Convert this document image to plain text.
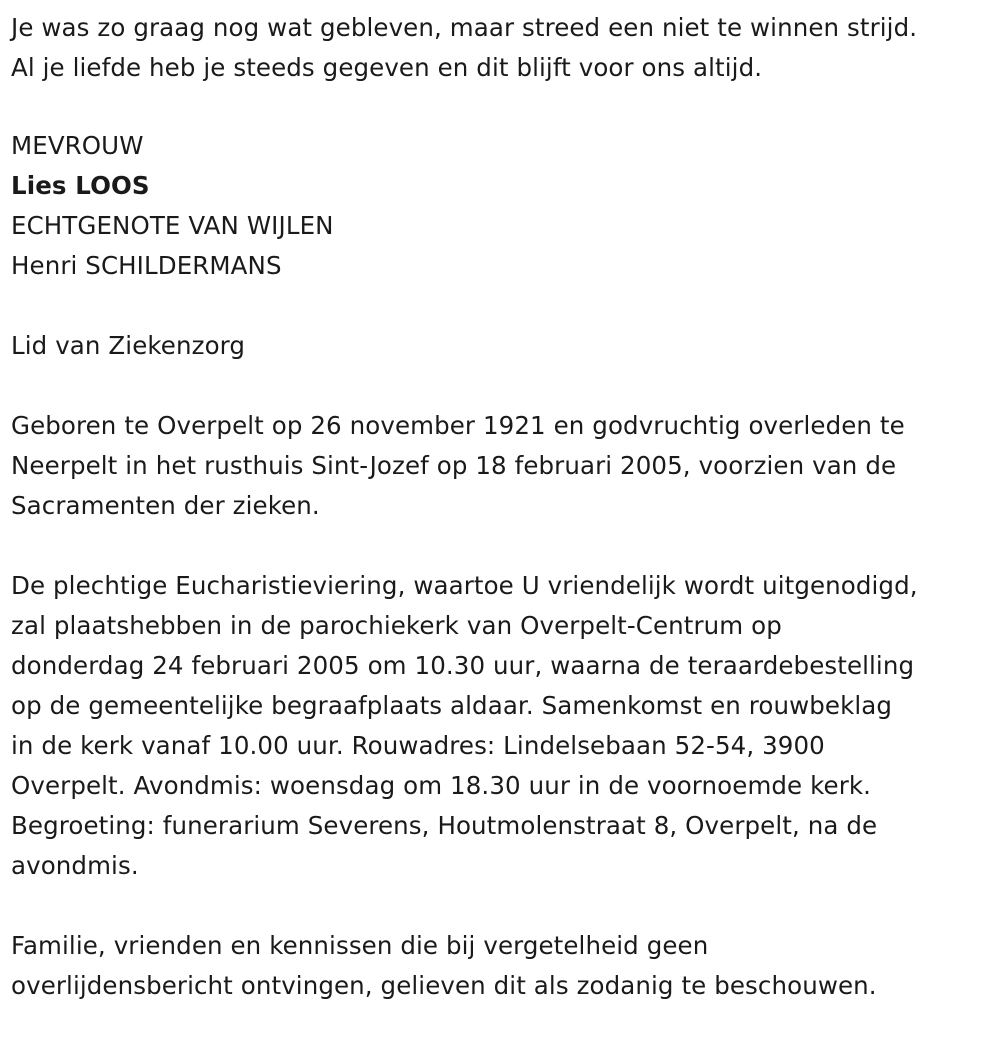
Je was zo graag nog wat gebleven, maar streed een niet te winnen strijd.
Al je liefde heb je steeds gegeven en dit blijft voor ons altijd.
MEVROUW
Lies LOOS
ECHTGENOTE VAN WIJLEN
Henri SCHILDERMANS
Lid van Ziekenzorg
Geboren te Overpelt op 26 november 1921 en godvruchtig overleden te
Neerpelt in het rusthuis Sint-Jozef op 18 februari 2005, voorzien van de
Sacramenten der zieken.
De plechtige Eucharistieviering, waartoe U vriendelijk wordt uitgenodigd,
zal plaatshebben in de parochiekerk van Overpelt-Centrum op
donderdag 24 februari 2005 om 10.30 uur, waarna de teraardebestelling
op de gemeentelijke begraafplaats aldaar. Samenkomst en rouwbeklag
in de kerk vanaf 10.00 uur. Rouwadres: Lindelsebaan 52-54, 3900
Overpelt. Avondmis: woensdag om 18.30 uur in de voornoemde kerk.
Begroeting: funerarium Severens, Houtmolenstraat 8, Overpelt, na de
avondmis.
Familie, vrienden en kennissen die bij vergetelheid geen
overlijdensbericht ontvingen, gelieven dit als zodanig te beschouwen.
